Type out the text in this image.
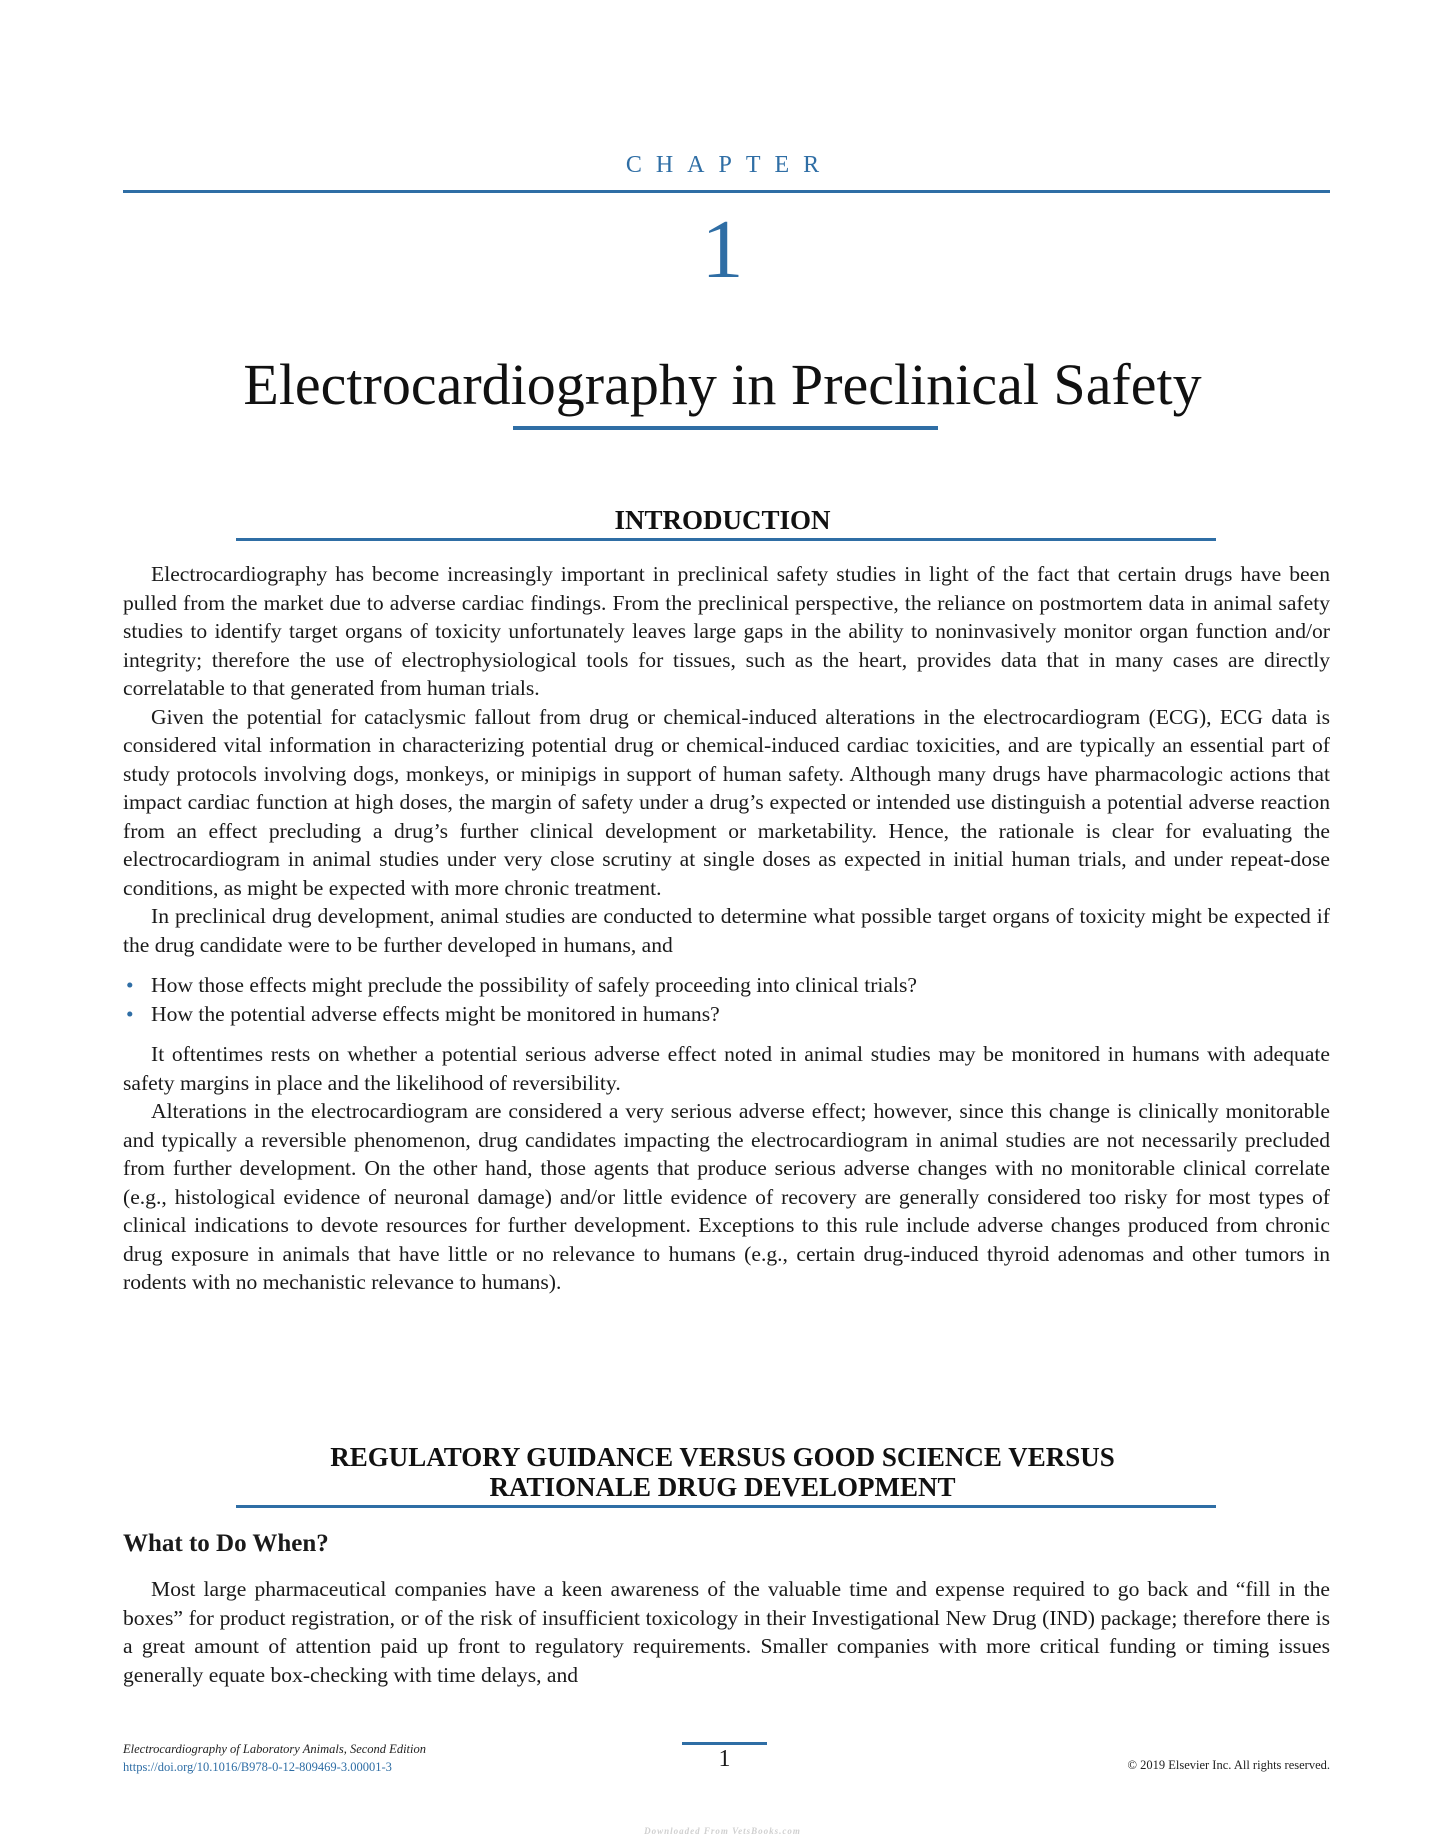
CHAPTER
1
Electrocardiography in Preclinical Safety
INTRODUCTION

Electrocardiography has become increasingly important in preclinical safety studies in light of the fact that certain drugs have been pulled from the market due to adverse cardiac findings. From the preclinical perspective, the reliance on postmortem data in animal safety studies to identify target organs of toxicity unfortunately leaves large gaps in the ability to noninvasively monitor organ function and/or integrity; therefore the use of electrophysiological tools for tissues, such as the heart, provides data that in many cases are directly correlatable to that generated from human trials.

Given the potential for cataclysmic fallout from drug or chemical-induced alterations in the electrocardiogram (ECG), ECG data is considered vital information in characterizing potential drug or chemical-induced cardiac toxicities, and are typically an essential part of study protocols involving dogs, monkeys, or minipigs in support of human safety. Although many drugs have pharmacologic actions that impact cardiac function at high doses, the margin of safety under a drug’s expected or intended use distinguish a potential adverse reaction from an effect precluding a drug’s further clinical development or marketability. Hence, the rationale is clear for evaluating the electrocardiogram in animal studies under very close scrutiny at single doses as expected in initial human trials, and under repeat-dose conditions, as might be expected with more chronic treatment.

In preclinical drug development, animal studies are conducted to determine what possible target organs of toxicity might be expected if the drug candidate were to be further developed in humans, and

• How those effects might preclude the possibility of safely proceeding into clinical trials?
• How the potential adverse effects might be monitored in humans?

It oftentimes rests on whether a potential serious adverse effect noted in animal studies may be monitored in humans with adequate safety margins in place and the likelihood of reversibility.

Alterations in the electrocardiogram are considered a very serious adverse effect; however, since this change is clinically monitorable and typically a reversible phenomenon, drug candidates impacting the electrocardiogram in animal studies are not necessarily precluded from further development. On the other hand, those agents that produce serious adverse changes with no monitorable clinical correlate (e.g., histological evidence of neuronal damage) and/or little evidence of recovery are generally considered too risky for most types of clinical indications to devote resources for further development. Exceptions to this rule include adverse changes produced from chronic drug exposure in animals that have little or no relevance to humans (e.g., certain drug-induced thyroid adenomas and other tumors in rodents with no mechanistic relevance to humans).

REGULATORY GUIDANCE VERSUS GOOD SCIENCE VERSUS
RATIONALE DRUG DEVELOPMENT
What to Do When?

Most large pharmaceutical companies have a keen awareness of the valuable time and expense required to go back and “fill in the boxes” for product registration, or of the risk of insufficient toxicology in their Investigational New Drug (IND) package; therefore there is a great amount of attention paid up front to regulatory requirements. Smaller companies with more critical funding or timing issues generally equate box-checking with time delays, and

Electrocardiography of Laboratory Animals, Second Edition
https://doi.org/10.1016/B978-0-12-809469-3.00001-3	1	© 2019 Elsevier Inc. All rights reserved.
Downloaded From VetsBooks.com
